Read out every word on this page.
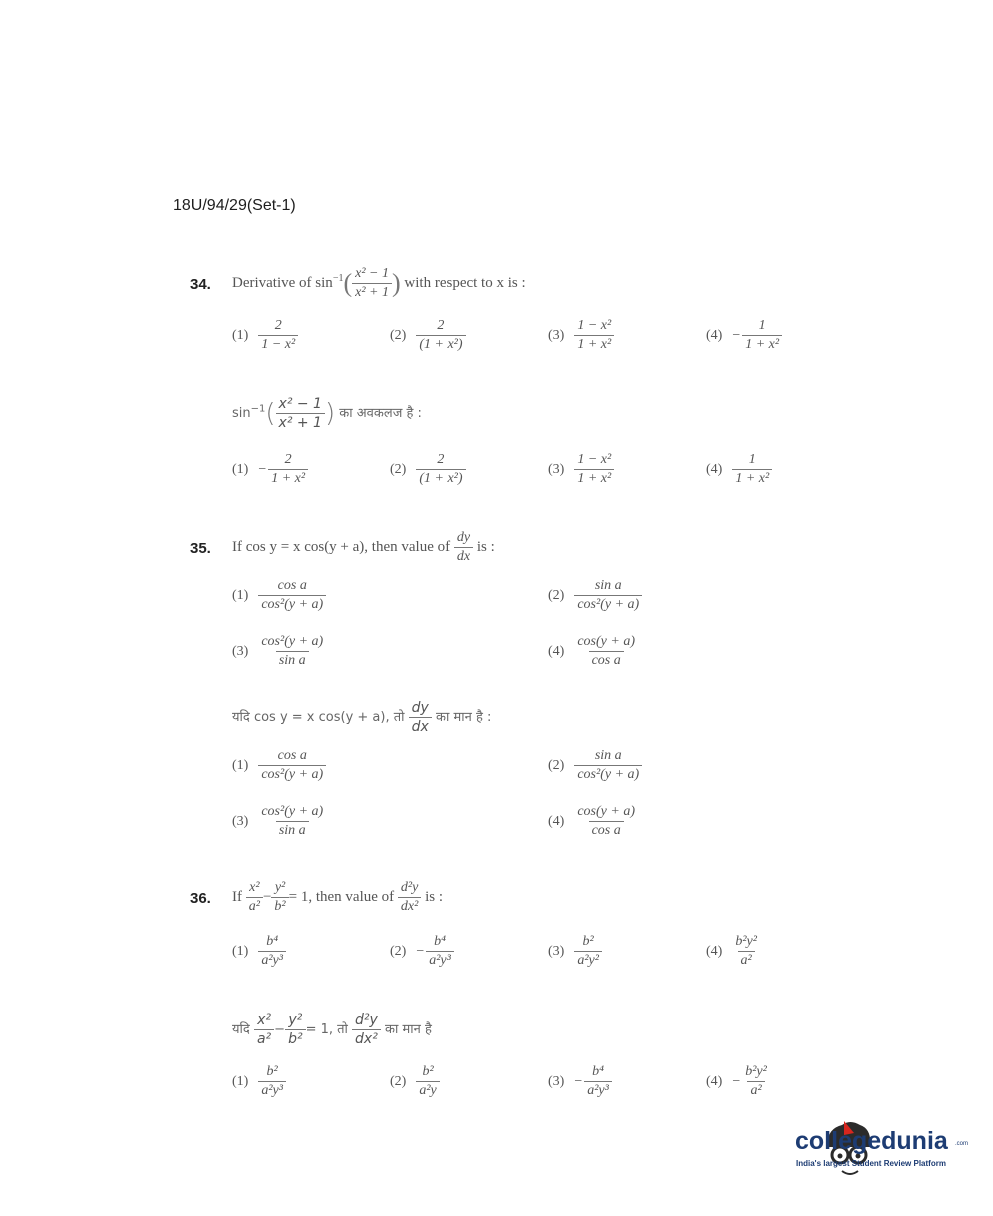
18U/94/29(Set-1)
collegedunia .com
India's largest Student Review Platform
34. Derivative of $\sin^{-1}( \frac{\text{x² − 1}}{\text{x² + 1}}$ ) with respect to x is :
$\sin^{-1}( \frac{\text{x² − 1}}{\text{x² + 1}}$ ) का अवकलज है :
$(1) \frac{2}{\text{1 − x²}}$	$(2) \frac{2}{\text{(1 + x²)}}$	$(3) \frac{\text{1 − x²}}{\text{1 + x²}}$	$(4) - \frac{1}{\text{1 + x²}}$
$(1) - \frac{2}{\text{1 + x²}}$	$(2) \frac{2}{\text{(1 + x²)}}$	$(3) \frac{\text{1 − x²}}{\text{1 + x²}}$	$(4) \frac{1}{\text{1 + x²}}$
35. If cos y = x cos(y + a), then value of $\frac{dy}{dx}$ is :
यदि cos y = x cos(y + a), तो $\frac{dy}{dx}$ का मान है :
$(1) \frac{\text{cos a}}{\text{cos²(y + a)}}$	$(2) \frac{\text{sin a}}{\text{cos²(y + a)}}$
$(3) \frac{\text{cos²(y + a)}}{\text{sin a}}$	$(4) \frac{\cos(y + a)}{\text{cos a}}$
$(1) \frac{\text{cos a}}{\text{cos²(y + a)}}$	$(2) \frac{\text{sin a}}{\text{cos²(y + a)}}$
$(3) \frac{\text{cos²(y + a)}}{\text{sin a}}$	$(4) \frac{\cos(y + a)}{\text{cos a}}$
36. If $\frac{\text{x²}}{\text{a²}} - \frac{\text{y²}}{\text{b²}} = 1$, then value of $\frac{\text{d²y}}{\text{dx²}}$ is :
यदि $\frac{\text{x²}}{\text{a²}} - \frac{\text{y²}}{\text{b²}} = 1$, तो $\frac{\text{d²y}}{\text{dx²}}$ का मान है
$(1) \frac{\text{b⁴}}{\text{a²y³}}$	$(2) - \frac{\text{b⁴}}{\text{a²y³}}$	$(3) \frac{\text{b²}}{\text{a²y²}}$	$(4) \frac{\text{b²y²}}{\text{a²}}$
$(1) \frac{\text{b²}}{\text{a²y³}}$	$(2) \frac{\text{b²}}{\text{a²y}}$	$(3) - \frac{\text{b⁴}}{\text{a²y³}}$	$(4) - \frac{\text{b²y²}}{\text{a²}}$
